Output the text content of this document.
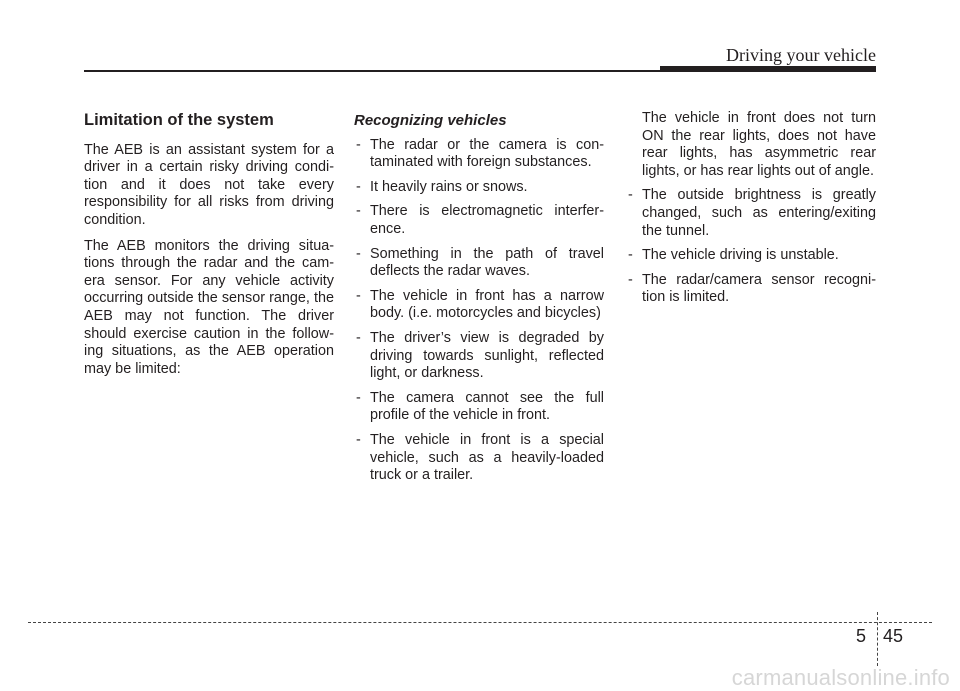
Driving your vehicle
Limitation of the system

The AEB is an assistant system for a driver in a certain risky driving condi-tion and it does not take every responsibility for all risks from driving condition.

The AEB monitors the driving situa-tions through the radar and the cam-era sensor. For any vehicle activity occurring outside the sensor range, the AEB may not function. The driver should exercise caution in the follow-ing situations, as the AEB operation may be limited:

Recognizing vehicles
- The radar or the camera is con-taminated with foreign substances.
- It heavily rains or snows.
- There is electromagnetic interfer-ence.
- Something in the path of travel deflects the radar waves.
- The vehicle in front has a narrow body. (i.e. motorcycles and bicycles)
- The driver’s view is degraded by driving towards sunlight, reflected light, or darkness.
- The camera cannot see the full profile of the vehicle in front.
- The vehicle in front is a special vehicle, such as a heavily-loaded truck or a trailer.
The vehicle in front does not turn ON the rear lights, does not have rear lights, has asymmetric rear lights, or has rear lights out of angle.
- The outside brightness is greatly changed, such as entering/exiting the tunnel.
- The vehicle driving is unstable.
- The radar/camera sensor recogni-tion is limited.
5 45
carmanualsonline.info
